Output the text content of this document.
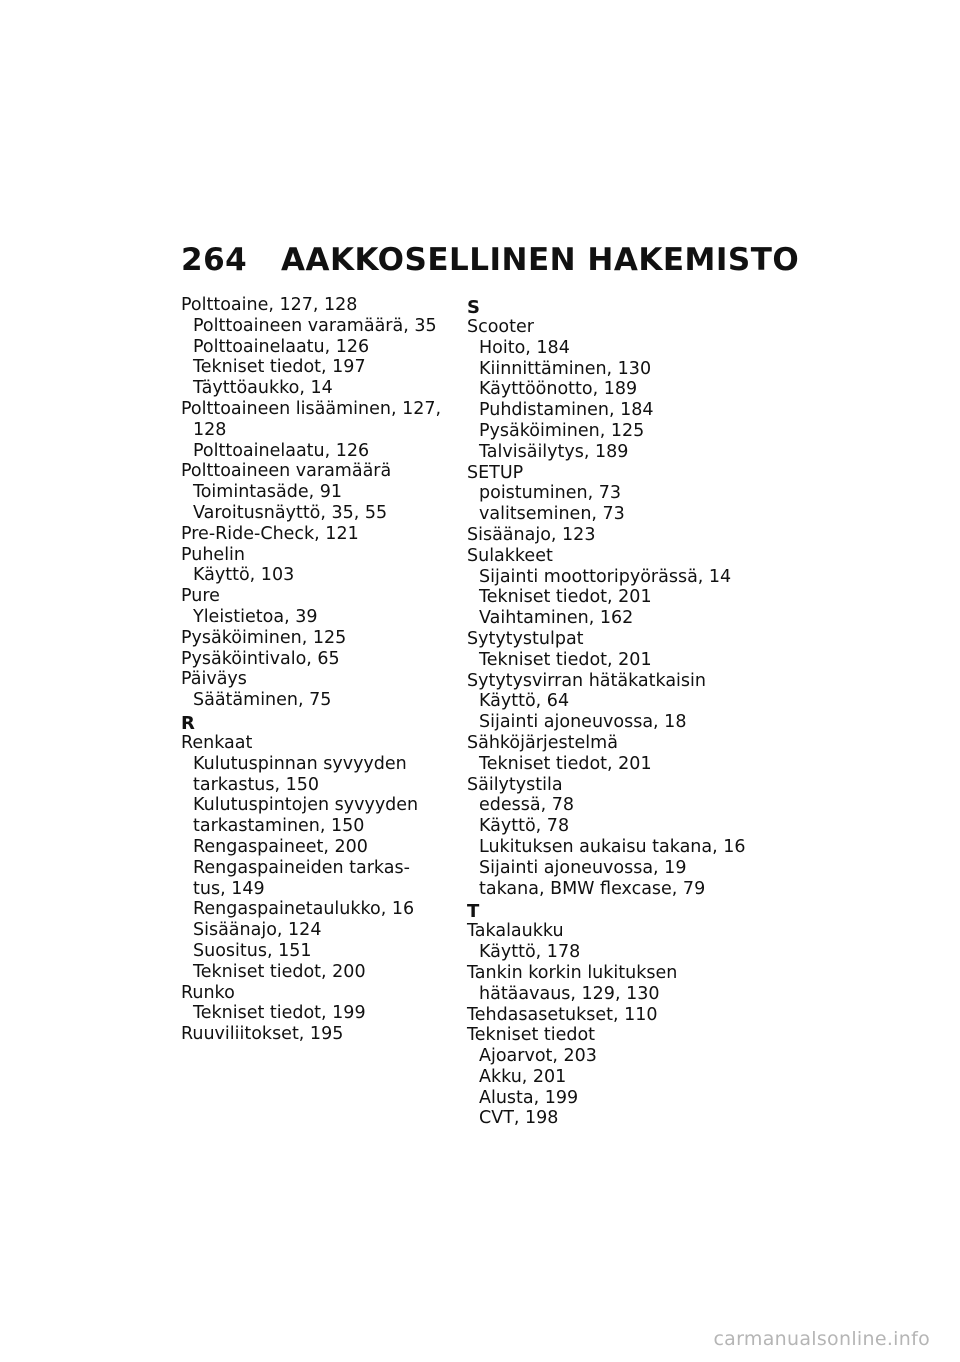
264 AAKKOSELLINEN HAKEMISTO
Polttoaine, 127, 128
Polttoaineen varamäärä, 35
Polttoainelaatu, 126
Tekniset tiedot, 197
Täyttöaukko, 14
Polttoaineen lisääminen, 127,
128
Polttoainelaatu, 126
Polttoaineen varamäärä
Toimintasäde, 91
Varoitusnäyttö, 35, 55
Pre-Ride-Check, 121
Puhelin
Käyttö, 103
Pure
Yleistietoa, 39
Pysäköiminen, 125
Pysäköintivalo, 65
Päiväys
Säätäminen, 75
R
Renkaat
Kulutuspinnan syvyyden
tarkastus, 150
Kulutuspintojen syvyyden
tarkastaminen, 150
Rengaspaineet, 200
Rengaspaineiden tarkas-
tus, 149
Rengaspainetaulukko, 16
Sisäänajo, 124
Suositus, 151
Tekniset tiedot, 200
Runko
Tekniset tiedot, 199
Ruuviliitokset, 195
S
Scooter
Hoito, 184
Kiinnittäminen, 130
Käyttöönotto, 189
Puhdistaminen, 184
Pysäköiminen, 125
Talvisäilytys, 189
SETUP
poistuminen, 73
valitseminen, 73
Sisäänajo, 123
Sulakkeet
Sijainti moottoripyörässä, 14
Tekniset tiedot, 201
Vaihtaminen, 162
Sytytystulpat
Tekniset tiedot, 201
Sytytysvirran hätäkatkaisin
Käyttö, 64
Sijainti ajoneuvossa, 18
Sähköjärjestelmä
Tekniset tiedot, 201
Säilytystila
edessä, 78
Käyttö, 78
Lukituksen aukaisu takana, 16
Sijainti ajoneuvossa, 19
takana, BMW flexcase, 79
T
Takalaukku
Käyttö, 178
Tankin korkin lukituksen
hätäavaus, 129, 130
Tehdasasetukset, 110
Tekniset tiedot
Ajoarvot, 203
Akku, 201
Alusta, 199
CVT, 198
carmanualsonline.info
